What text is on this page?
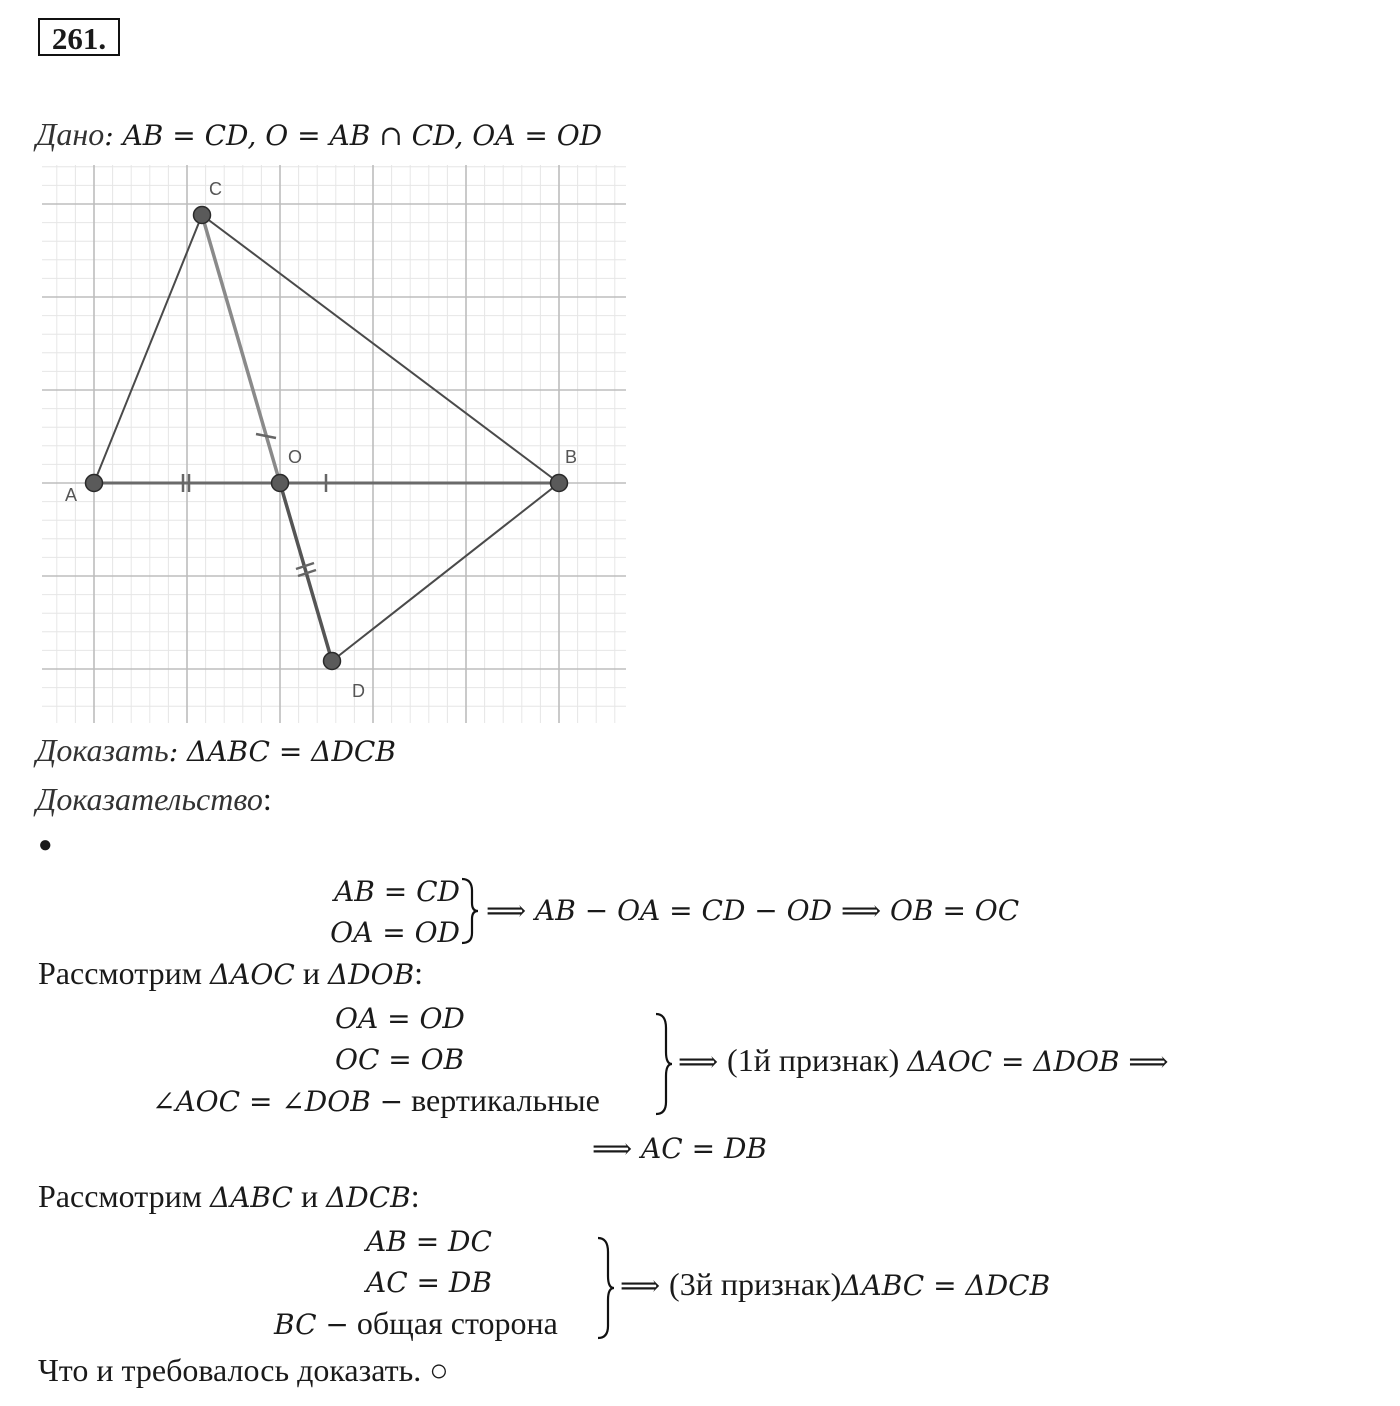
261.
Дано: AB = CD, O = AB ∩ CD, OA = OD
A
O	B
C
D
Доказать: ΔABC = ΔDCB
Доказательство:
●
AB = CD
OA = OD
⟹ AB − OA = CD − OD ⟹ OB = OC
Рассмотрим ΔAOC и ΔDOB:
OA = OD
OC = OB
∠AOC = ∠DOB − вертикальные
⟹ (1й признак) ΔAOC = ΔDOB ⟹
⟹ AC = DB
Рассмотрим ΔABC и ΔDCB:
AB = DC
AC = DB
BC − общая сторона
⟹ (3й признак)ΔABC = ΔDCB
Что и требовалось доказать. ○
